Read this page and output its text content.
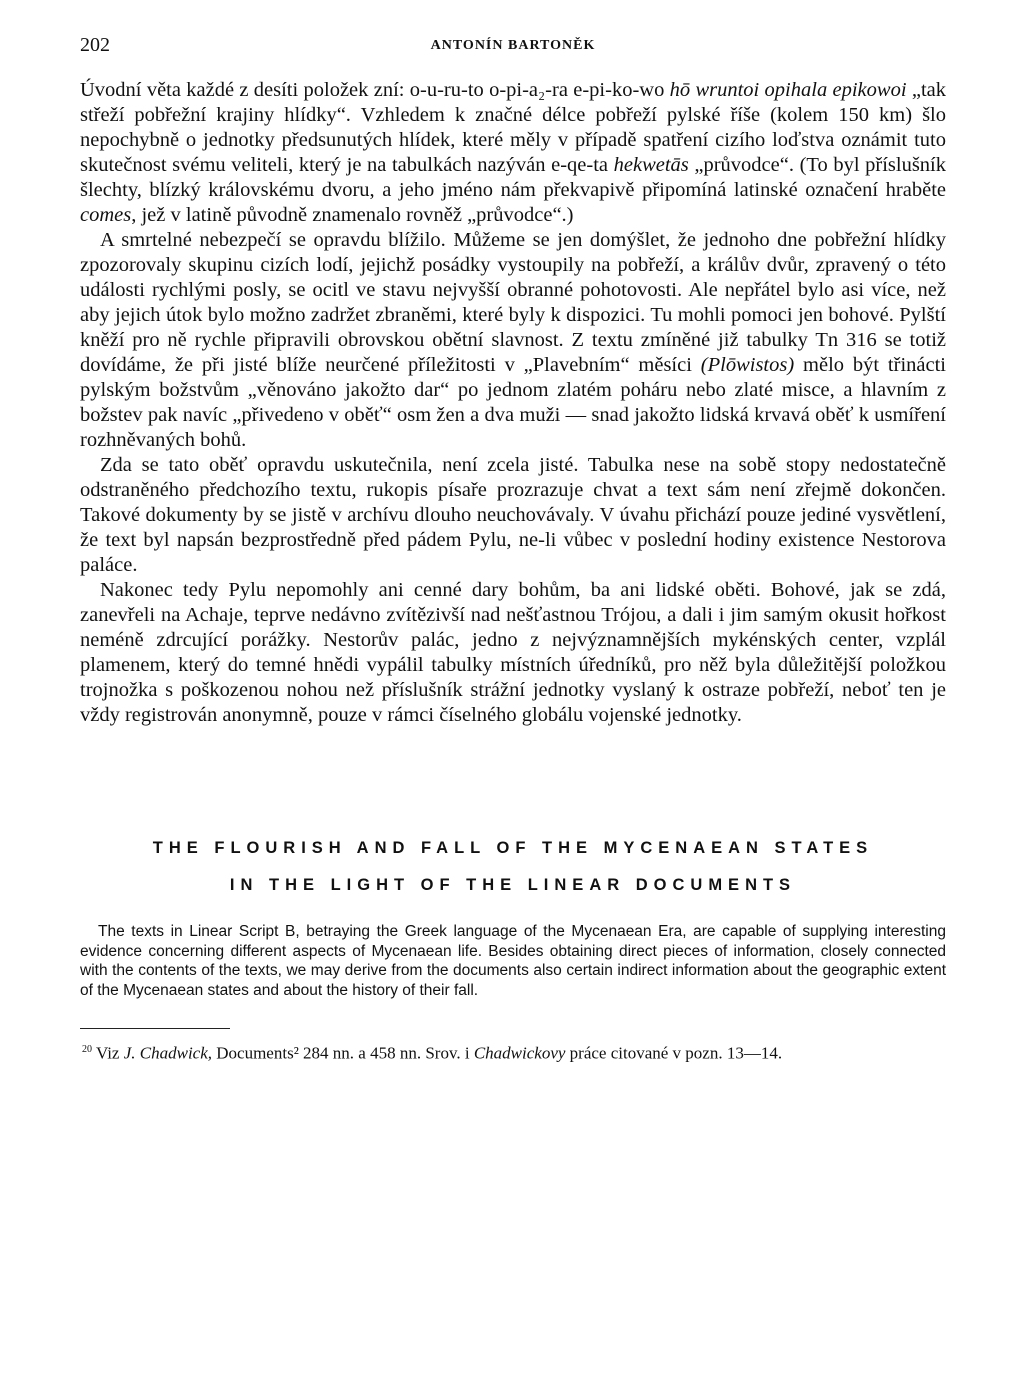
202	ANTONÍN BARTONĚK

Úvodní věta každé z desíti položek zní: o-u-ru-to o-pi-a₂-ra e-pi-ko-wo hō wruntoi opihala epikowoi „tak střeží pobřežní krajiny hlídky“. Vzhledem k značné délce pobřeží pylské říše (kolem 150 km) šlo nepochybně o jednotky předsunutých hlídek, které měly v případě spatření cizího loďstva oznámit tuto skutečnost svému veliteli, který je na tabulkách nazýván e-qe-ta hekwetās „průvodce“. (To byl příslušník šlechty, blízký královskému dvoru, a jeho jméno nám překvapivě připomíná latinské označení hraběte comes, jež v latině původně znamenalo rovněž „průvodce“.)

A smrtelné nebezpečí se opravdu blížilo. Můžeme se jen domýšlet, že jednoho dne pobřežní hlídky zpozorovaly skupinu cizích lodí, jejichž posádky vystoupily na pobřeží, a králův dvůr, zpravený o této události rychlými posly, se ocitl ve stavu nejvyšší obranné pohotovosti. Ale nepřátel bylo asi více, než aby jejich útok bylo možno zadržet zbraněmi, které byly k dispozici. Tu mohli pomoci jen bohové. Pylští kněží pro ně rychle připravili obrovskou obětní slavnost. Z textu zmíněné již tabulky Tn 316 se totiž dovídáme, že při jisté blíže neurčené příležitosti v „Plavebním“ měsíci (Plōwistos) mělo být třinácti pylským božstvům „věnováno jakožto dar“ po jednom zlatém poháru nebo zlaté misce, a hlavním z božstev pak navíc „přivedeno v oběť“ osm žen a dva muži — snad jakožto lidská krvavá oběť k usmíření rozhněvaných bohů.

Zda se tato oběť opravdu uskutečnila, není zcela jisté. Tabulka nese na sobě stopy nedostatečně odstraněného předchozího textu, rukopis písaře prozrazuje chvat a text sám není zřejmě dokončen. Takové dokumenty by se jistě v archívu dlouho neuchovávaly. V úvahu přichází pouze jediné vysvětlení, že text byl napsán bezprostředně před pádem Pylu, ne-li vůbec v poslední hodiny existence Nestorova paláce.

Nakonec tedy Pylu nepomohly ani cenné dary bohům, ba ani lidské oběti. Bohové, jak se zdá, zanevřeli na Achaje, teprve nedávno zvítězivší nad nešťastnou Trójou, a dali i jim samým okusit hořkost neméně zdrcující porážky. Nestorův palác, jedno z nejvýznamnějších mykénských center, vzplál plamenem, který do temné hnědi vypálil tabulky místních úředníků, pro něž byla důležitější položkou trojnožka s poškozenou nohou než příslušník strážní jednotky vyslaný k ostraze pobřeží, neboť ten je vždy registrován anonymně, pouze v rámci číselného globálu vojenské jednotky.

THE FLOURISH AND FALL OF THE MYCENAEAN STATES
IN THE LIGHT OF THE LINEAR DOCUMENTS
The texts in Linear Script B, betraying the Greek language of the Mycenaean Era, are capable of supplying interesting evidence concerning different aspects of Mycenaean life. Besides obtaining direct pieces of information, closely connected with the contents of the texts, we may derive from the documents also certain indirect information about the geographic extent of the Mycenaean states and about the history of their fall.
$^{20}$ Viz J. Chadwick, Documents² 284 nn. a 458 nn. Srov. i Chadwickovy práce citované v pozn. 13—14.
